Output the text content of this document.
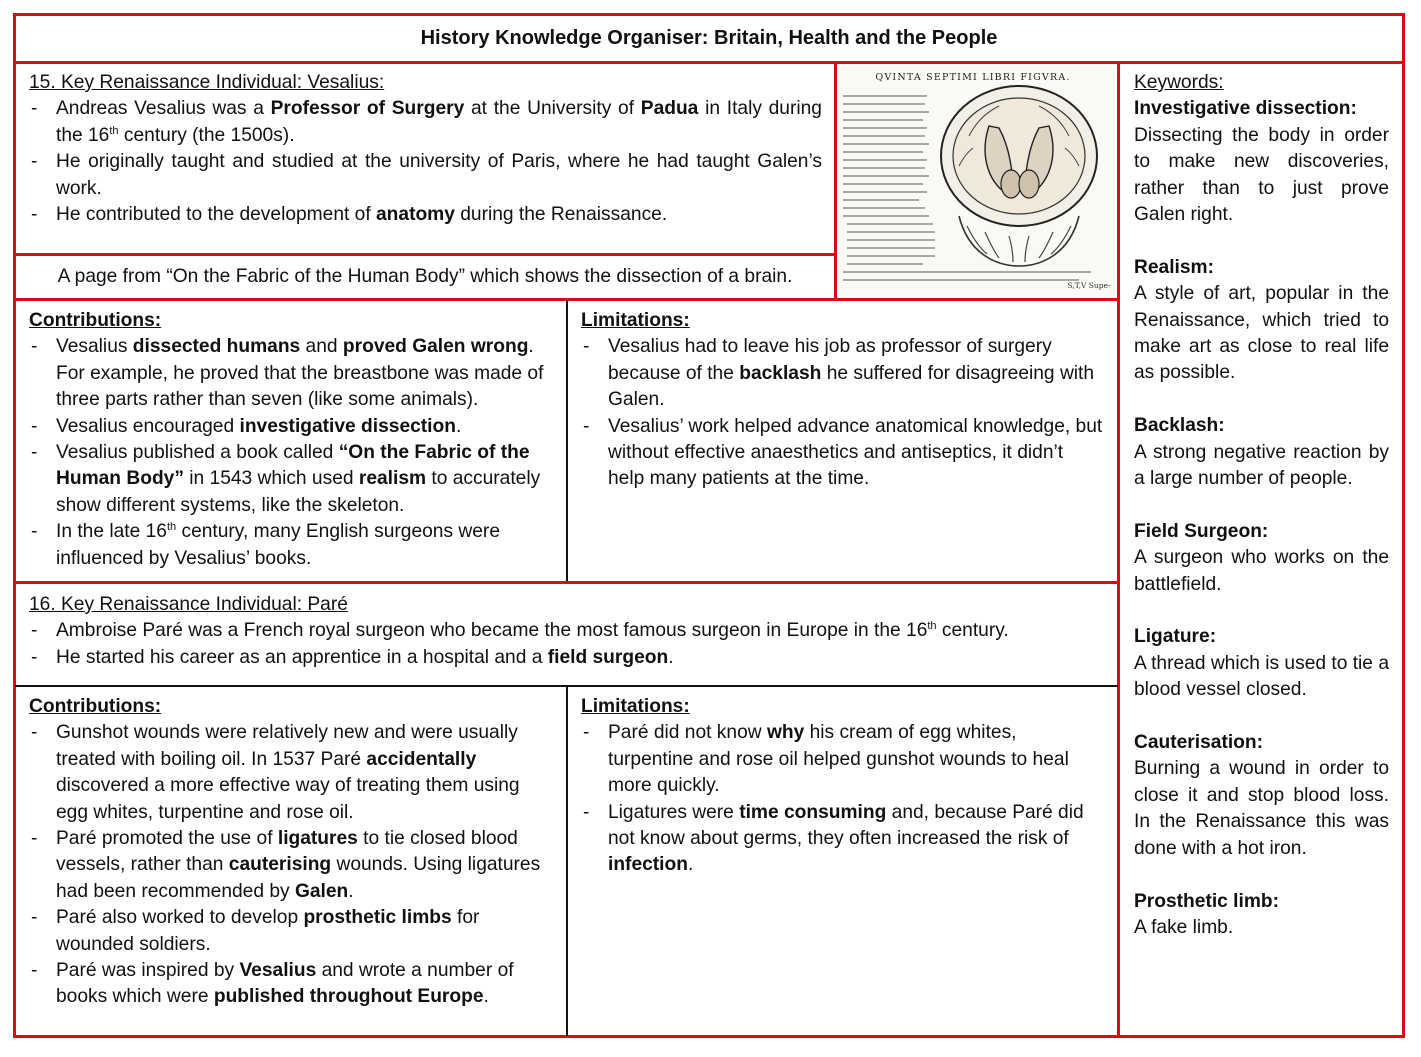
History Knowledge Organiser: Britain, Health and the People
15. Key Renaissance Individual: Vesalius:
- Andreas Vesalius was a Professor of Surgery at the University of Padua in Italy during the 16th century (the 1500s).
- He originally taught and studied at the university of Paris, where he had taught Galen’s work.
- He contributed to the development of anatomy during the Renaissance.
QVINTA SEPTIMI LIBRI FIGVRA.
S,T,V Supe-
A page from “On the Fabric of the Human Body” which shows the dissection of a brain.
Contributions:
- Vesalius dissected humans and proved Galen wrong. For example, he proved that the breastbone was made of three parts rather than seven (like some animals).
- Vesalius encouraged investigative dissection.
- Vesalius published a book called “On the Fabric of the Human Body” in 1543 which used realism to accurately show different systems, like the skeleton.
- In the late 16th century, many English surgeons were influenced by Vesalius’ books.
Limitations:
- Vesalius had to leave his job as professor of surgery because of the backlash he suffered for disagreeing with Galen.
- Vesalius’ work helped advance anatomical knowledge, but without effective anaesthetics and antiseptics, it didn’t help many patients at the time.
16. Key Renaissance Individual: Paré
- Ambroise Paré was a French royal surgeon who became the most famous surgeon in Europe in the 16th century.
- He started his career as an apprentice in a hospital and a field surgeon.
Contributions:
- Gunshot wounds were relatively new and were usually treated with boiling oil. In 1537 Paré accidentally discovered a more effective way of treating them using egg whites, turpentine and rose oil.
- Paré promoted the use of ligatures to tie closed blood vessels, rather than cauterising wounds. Using ligatures had been recommended by Galen.
- Paré also worked to develop prosthetic limbs for wounded soldiers.
- Paré was inspired by Vesalius and wrote a number of books which were published throughout Europe.
Limitations:
- Paré did not know why his cream of egg whites, turpentine and rose oil helped gunshot wounds to heal more quickly.
- Ligatures were time consuming and, because Paré did not know about germs, they often increased the risk of infection.

Keywords:

Investigative dissection:

Dissecting the body in order to make new discoveries, rather than to just prove Galen right.

Realism:

A style of art, popular in the Renaissance, which tried to make art as close to real life as possible.

Backlash:

A strong negative reaction by a large number of people.

Field Surgeon:

A surgeon who works on the battlefield.

Ligature:

A thread which is used to tie a blood vessel closed.

Cauterisation:

Burning a wound in order to close it and stop blood loss. In the Renaissance this was done with a hot iron.

Prosthetic limb:

A fake limb.
